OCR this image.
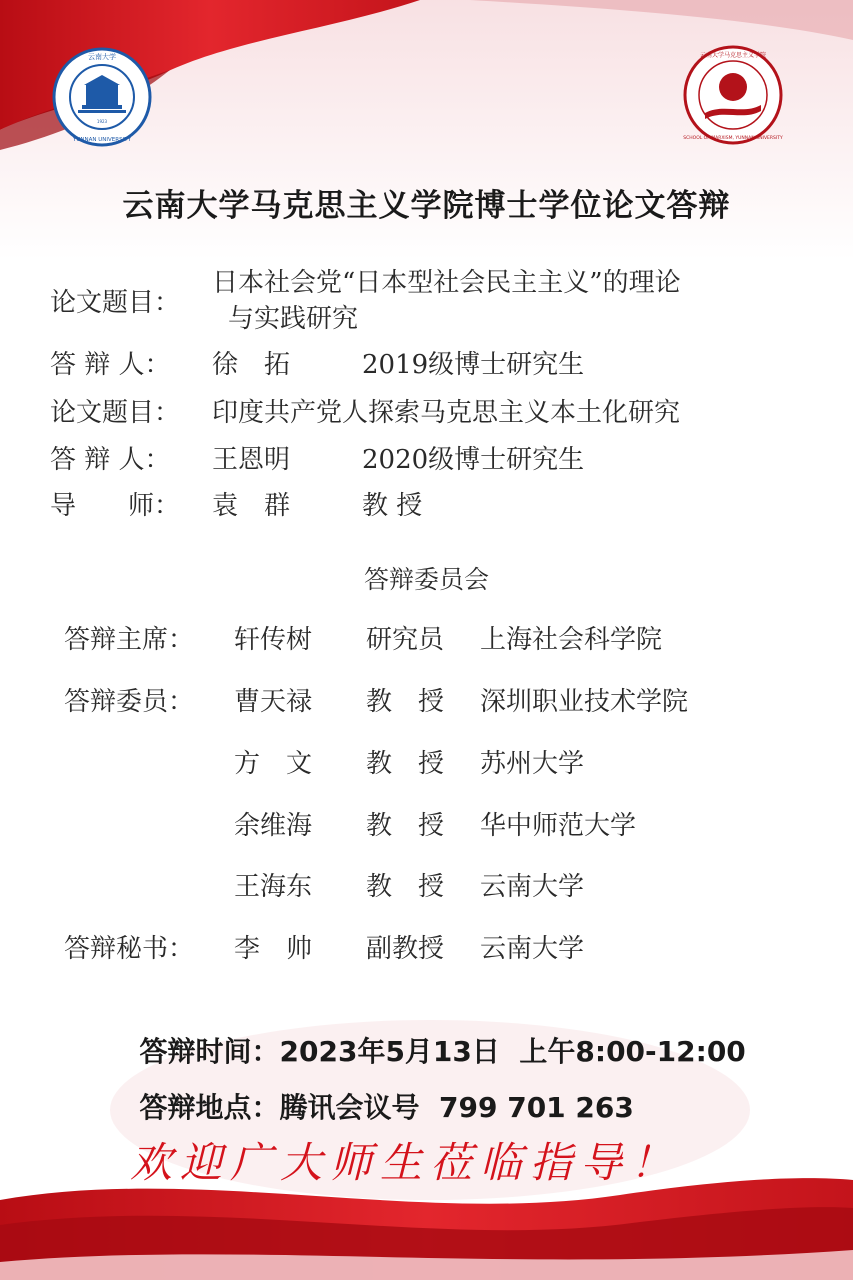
云南大学
YUNNAN UNIVERSITY
1923
云南大学马克思主义学院
SCHOOL OF MARXISM, YUNNAN UNIVERSITY
云南大学马克思主义学院博士学位论文答辩
论文题目：
日本社会党“日本型社会民主主义”的理论
与实践研究
答 辩 人： 徐　拓	2019级博士研究生
论文题目： 印度共产党人探索马克思主义本土化研究
答 辩 人： 王恩明	2020级博士研究生
导　　师： 袁　群	教 授
答辩委员会
答辩主席： 轩传树 研究员 上海社会科学院
答辩委员： 曹天禄 教　授 深圳职业技术学院
方　文 教　授 苏州大学
余维海 教　授 华中师范大学
王海东 教　授 云南大学
答辩秘书： 李　帅 副教授 云南大学

答辩时间：2023年5月13日  上午8:00-12:00

答辩地点：腾讯会议号  799 701 263

欢迎广大师生莅临指导！
